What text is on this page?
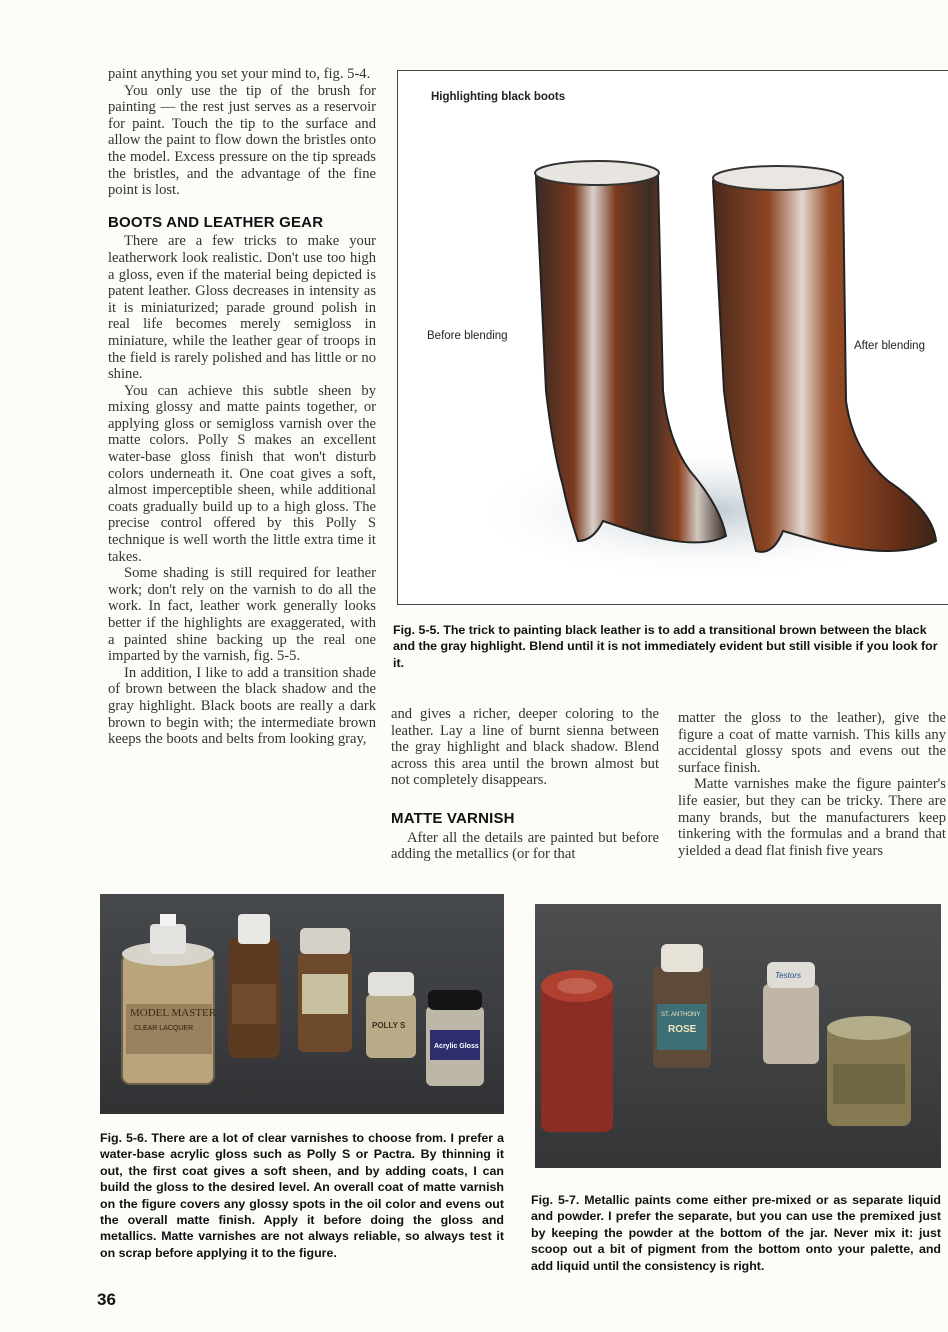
paint anything you set your mind to, fig. 5-4.

You only use the tip of the brush for painting — the rest just serves as a reservoir for paint. Touch the tip to the surface and allow the paint to flow down the bristles onto the model. Excess pressure on the tip spreads the bristles, and the advantage of the fine point is lost.

BOOTS AND LEATHER GEAR

There are a few tricks to make your leatherwork look realistic. Don't use too high a gloss, even if the material being depicted is patent leather. Gloss decreases in intensity as it is miniaturized; parade ground polish in real life becomes merely semigloss in miniature, while the leather gear of troops in the field is rarely polished and has little or no shine.

You can achieve this subtle sheen by mixing glossy and matte paints together, or applying gloss or semigloss varnish over the matte colors. Polly S makes an excellent water-base gloss finish that won't disturb colors underneath it. One coat gives a soft, almost imperceptible sheen, while additional coats gradually build up to a high gloss. The precise control offered by this Polly S technique is well worth the little extra time it takes.

Some shading is still required for leather work; don't rely on the varnish to do all the work. In fact, leather work generally looks better if the highlights are exaggerated, with a painted shine backing up the real one imparted by the varnish, fig. 5-5.

In addition, I like to add a transition shade of brown between the black shadow and the gray highlight. Black boots are really a dark brown to begin with; the intermediate brown keeps the boots and belts from looking gray,

Highlighting black boots
Before blending
After blending

Fig. 5-5. The trick to painting black leather is to add a transitional brown between the black and the gray highlight. Blend until it is not immediately evident but still visible if you look for it.

and gives a richer, deeper coloring to the leather. Lay a line of burnt sienna between the gray highlight and black shadow. Blend across this area until the brown almost but not completely disappears.

MATTE VARNISH

After all the details are painted but before adding the metallics (or for that

matter the gloss to the leather), give the figure a coat of matte varnish. This kills any accidental glossy spots and evens out the surface finish.

Matte varnishes make the figure painter's life easier, but they can be tricky. There are many brands, but the manufacturers keep tinkering with the formulas and a brand that yielded a dead flat finish five years

MODEL MASTER
CLEAR LACQUER	POLLY S
Acrylic Gloss

Fig. 5-6. There are a lot of clear varnishes to choose from. I prefer a water-base acrylic gloss such as Polly S or Pactra. By thinning it out, the first coat gives a soft sheen, and by adding coats, I can build the gloss to the desired level. An overall coat of matte varnish on the figure covers any glossy spots in the oil color and evens out the overall matte finish. Apply it before doing the gloss and metallics. Matte varnishes are not always reliable, so always test it on scrap before applying it to the figure.

ST. ANTHONY
ROSE
Testors

Fig. 5-7. Metallic paints come either pre-mixed or as separate liquid and powder. I prefer the separate, but you can use the premixed just by keeping the powder at the bottom of the jar. Never mix it: just scoop out a bit of pigment from the bottom onto your palette, and add liquid until the consistency is right.

36
